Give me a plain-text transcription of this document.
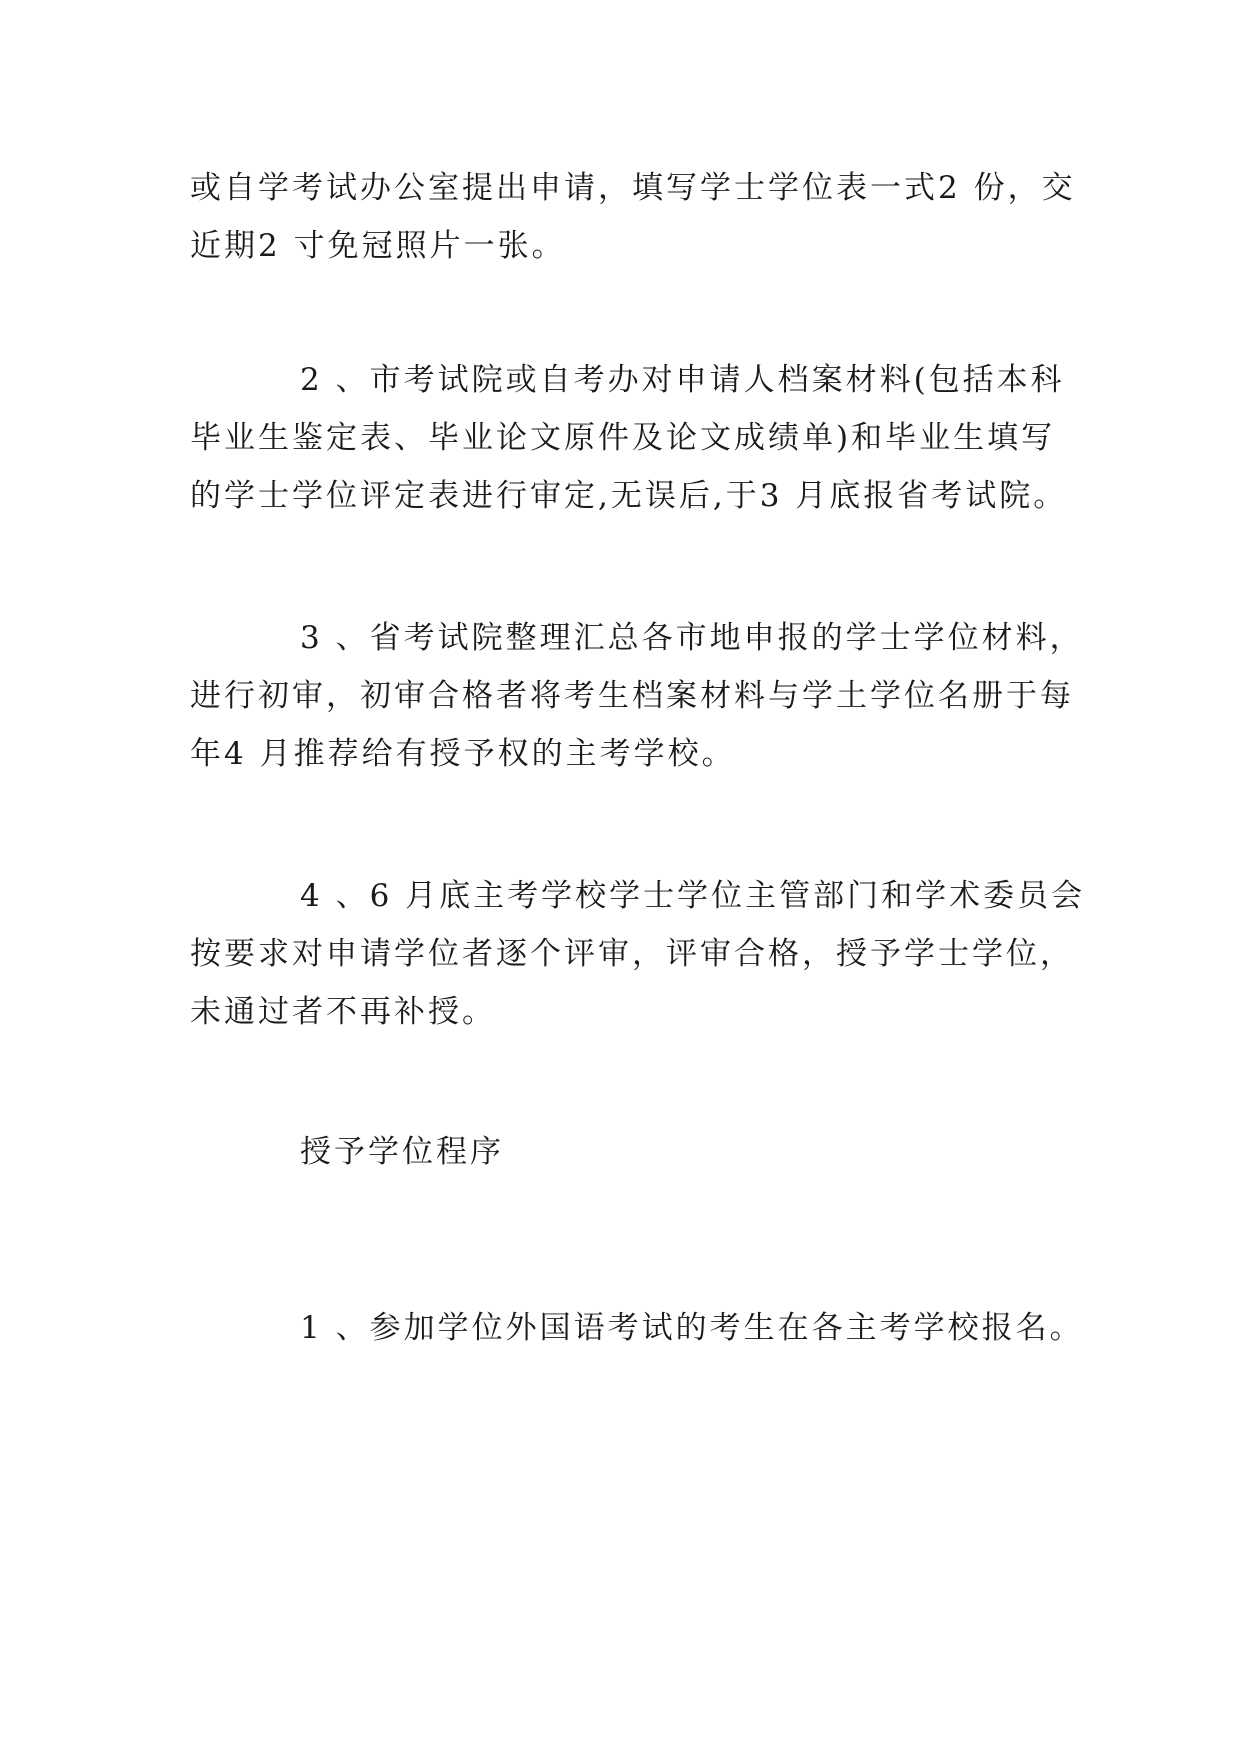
或自学考试办公室提出申请，填写学士学位表一式2 份，交
近期2 寸免冠照片一张。
2 、市考试院或自考办对申请人档案材料(包括本科
毕业生鉴定表、毕业论文原件及论文成绩单)和毕业生填写
的学士学位评定表进行审定,无误后,于3 月底报省考试院。
3 、省考试院整理汇总各市地申报的学士学位材料，
进行初审，初审合格者将考生档案材料与学土学位名册于每
年4 月推荐给有授予权的主考学校。
4 、6 月底主考学校学士学位主管部门和学术委员会
按要求对申请学位者逐个评审，评审合格，授予学士学位，
未通过者不再补授。
授予学位程序
1 、参加学位外国语考试的考生在各主考学校报名。
